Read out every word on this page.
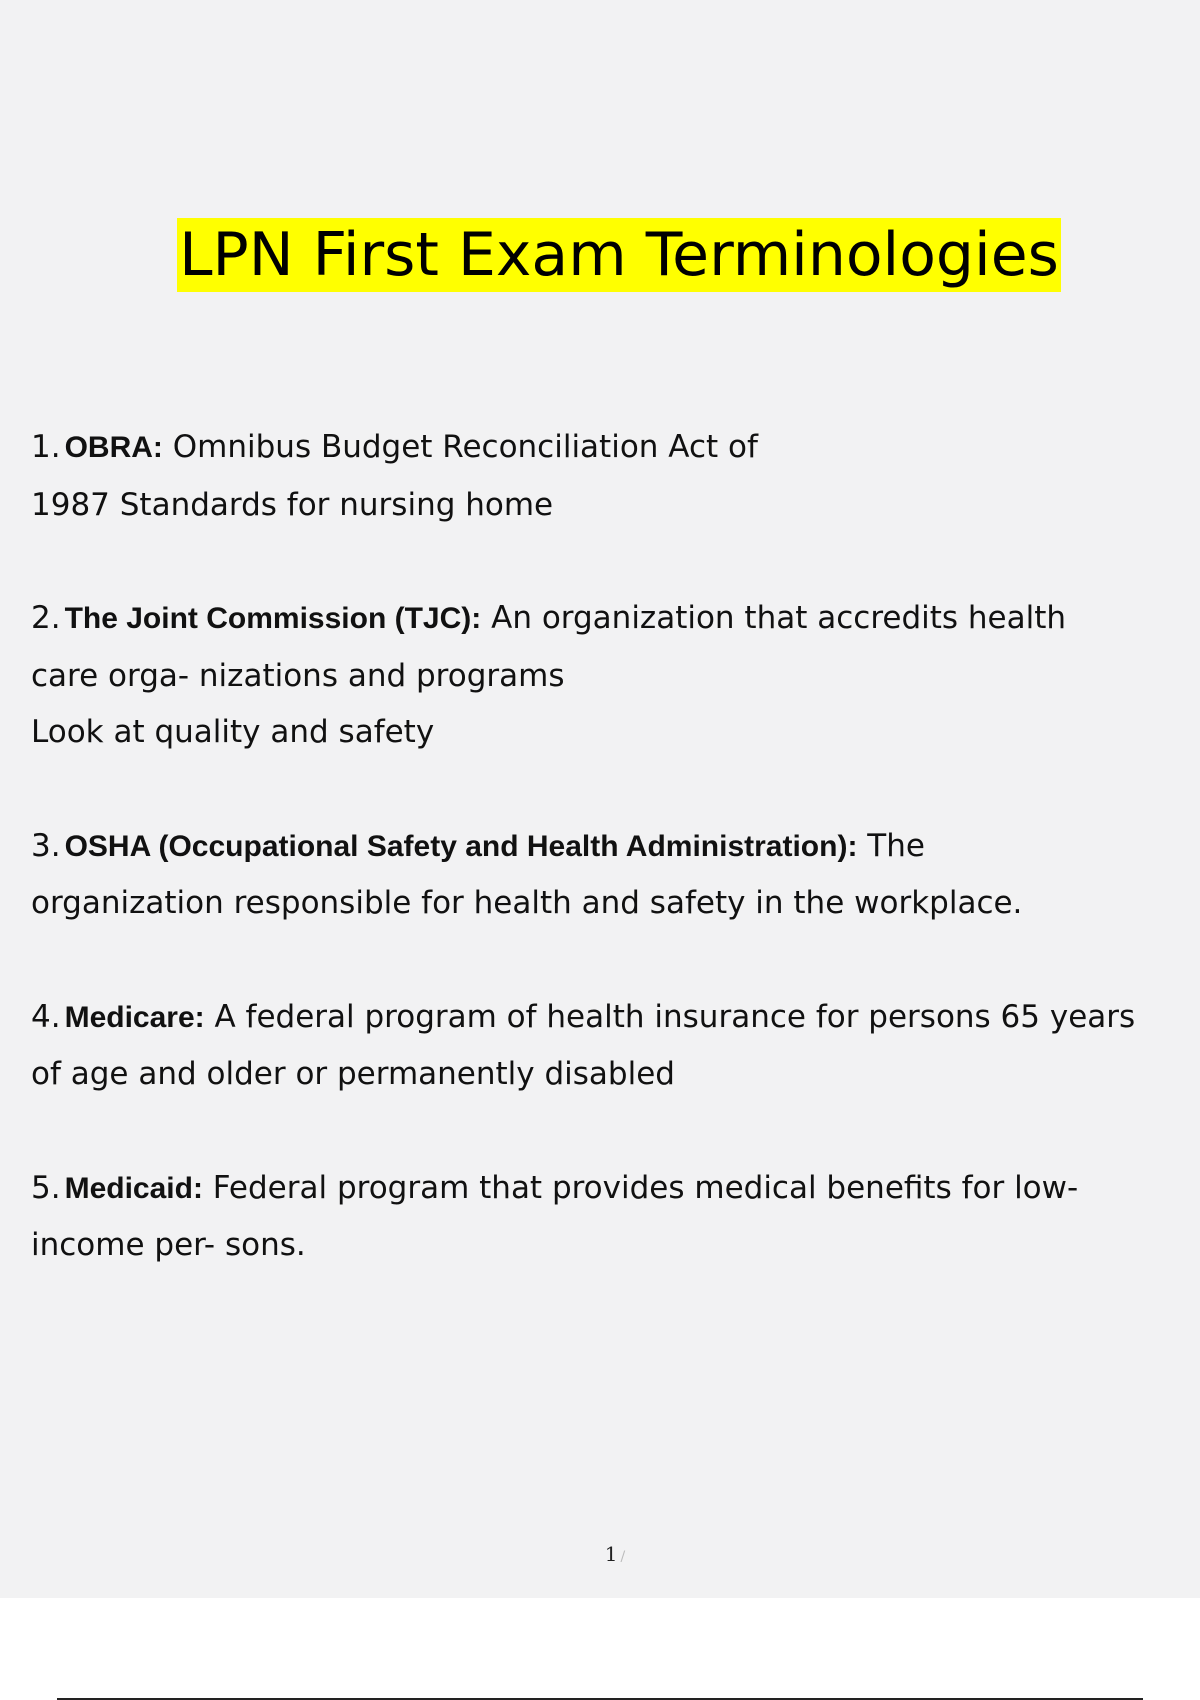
LPN First Exam Terminologies
1. OBRA: Omnibus Budget Reconciliation Act of
1987 Standards for nursing home
2. The Joint Commission (TJC): An organization that accredits health
care orga- nizations and programs
Look at quality and safety
3. OSHA (Occupational Safety and Health Administration): The
organization responsible for health and safety in the workplace.
4. Medicare: A federal program of health insurance for persons 65 years
of age and older or permanently disabled
5. Medicaid: Federal program that provides medical benefits for low-
income per- sons.
1 /
